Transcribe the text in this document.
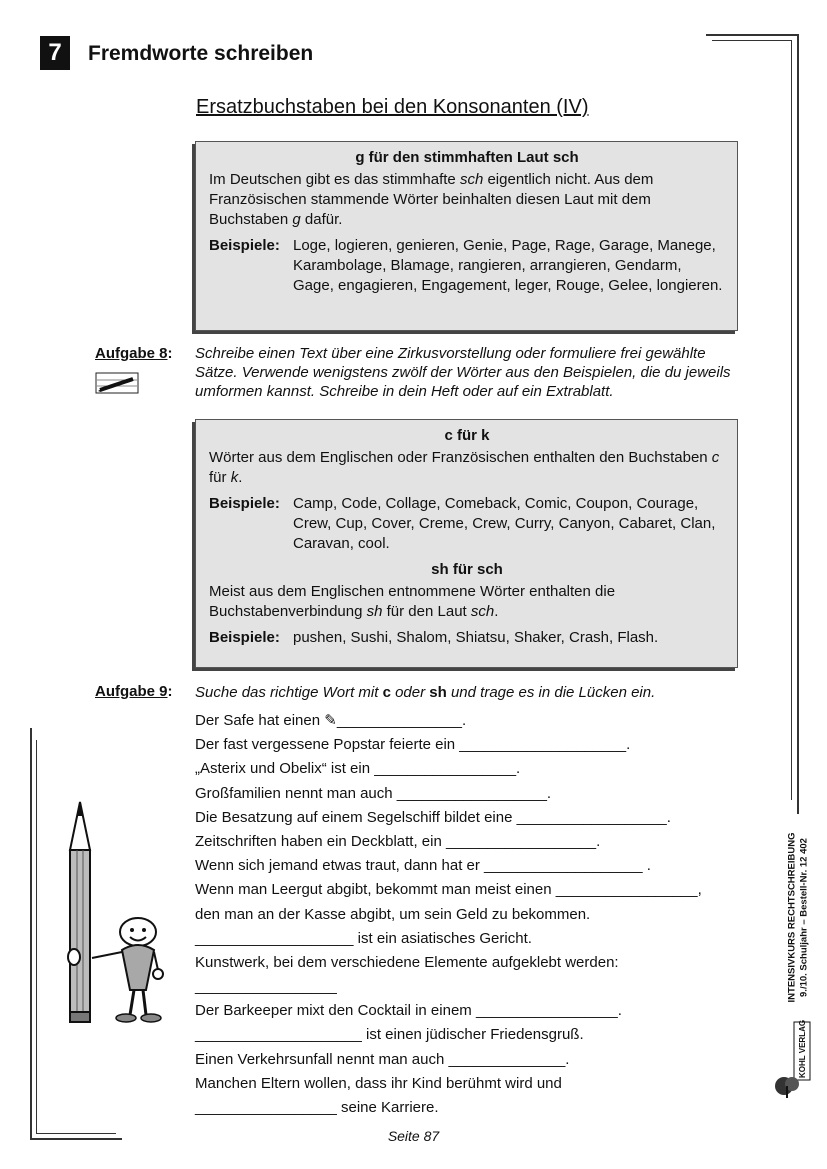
7	Fremdworte schreiben
Ersatzbuchstaben bei den Konsonanten (IV)
g für den stimmhaften Laut sch

Im Deutschen gibt es das stimmhafte sch eigentlich nicht. Aus dem Französischen stammende Wörter beinhalten diesen Laut mit dem Buchstaben g dafür.

Beispiele: Loge, logieren, genieren, Genie, Page, Rage, Garage, Manege, Karambolage, Blamage, rangieren, arrangieren, Gendarm, Gage, engagieren, Engagement, leger, Rouge, Gelee, longieren.
Aufgabe 8: Schreibe einen Text über eine Zirkusvorstellung oder formuliere frei gewählte Sätze. Verwende wenigstens zwölf der Wörter aus den Beispielen, die du jeweils umformen kannst. Schreibe in dein Heft oder auf ein Extrablatt.
c für k

Wörter aus dem Englischen oder Französischen enthalten den Buchstaben c für k.

Beispiele: Camp, Code, Collage, Comeback, Comic, Coupon, Courage, Crew, Cup, Cover, Creme, Crew, Curry, Canyon, Cabaret, Clan, Caravan, cool.
sh für sch

Meist aus dem Englischen entnommene Wörter enthalten die Buchstabenverbindung sh für den Laut sch.

Beispiele: pushen, Sushi, Shalom, Shiatsu, Shaker, Crash, Flash.
Aufgabe 9: Suche das richtige Wort mit c oder sh und trage es in die Lücken ein.
Der Safe hat einen ✎_______________.
Der fast vergessene Popstar feierte ein ____________________.
„Asterix und Obelix“ ist ein _________________.
Großfamilien nennt man auch __________________.
Die Besatzung auf einem Segelschiff bildet eine __________________.
Zeitschriften haben ein Deckblatt, ein __________________.
Wenn sich jemand etwas traut, dann hat er ___________________ .
Wenn man Leergut abgibt, bekommt man meist einen _________________,
den man an der Kasse abgibt, um sein Geld zu bekommen.
___________________ ist ein asiatisches Gericht.
Kunstwerk, bei dem verschiedene Elemente aufgeklebt werden:
_________________
Der Barkeeper mixt den Cocktail in einem _________________.
____________________ ist einen jüdischer Friedensgruß.
Einen Verkehrsunfall nennt man auch ______________.
Manchen Eltern wollen, dass ihr Kind berühmt wird und
_________________ seine Karriere.
INTENSIVKURS RECHTSCHREIBUNG 9./10. Schuljahr – Bestell-Nr. 12 402
KOHL VERLAG
Seite 87
